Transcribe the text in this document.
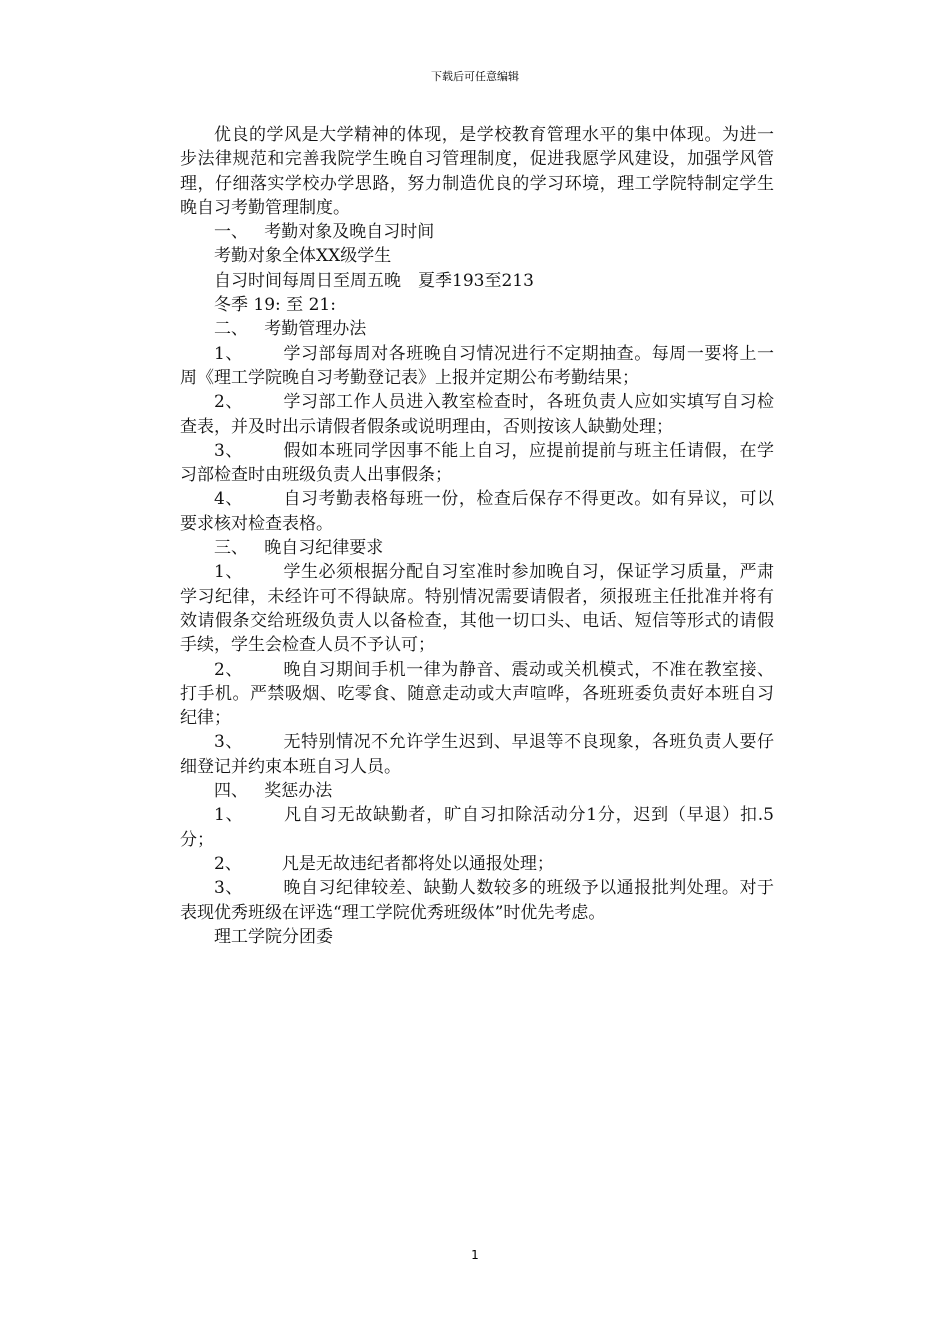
下载后可任意编辑

优良的学风是大学精神的体现，是学校教育管理水平的集中体现。为进一步法律规范和完善我院学生晚自习管理制度，促进我愿学风建设，加强学风管理，仔细落实学校办学思路，努力制造优良的学习环境，理工学院特制定学生晚自习考勤管理制度。

一、 考勤对象及晚自习时间

考勤对象全体XX级学生

自习时间每周日至周五晚　夏季193至213

冬季 19: 至 21:

二、 考勤管理办法

1、 学习部每周对各班晚自习情况进行不定期抽查。每周一要将上一周《理工学院晚自习考勤登记表》上报并定期公布考勤结果；

2、 学习部工作人员进入教室检查时，各班负责人应如实填写自习检查表，并及时出示请假者假条或说明理由，否则按该人缺勤处理；

3、 假如本班同学因事不能上自习，应提前提前与班主任请假，在学习部检查时由班级负责人出事假条；

4、 自习考勤表格每班一份，检查后保存不得更改。如有异议，可以要求核对检查表格。

三、 晚自习纪律要求

1、 学生必须根据分配自习室准时参加晚自习，保证学习质量，严肃学习纪律，未经许可不得缺席。特别情况需要请假者，须报班主任批准并将有效请假条交给班级负责人以备检查，其他一切口头、电话、短信等形式的请假手续，学生会检查人员不予认可；

2、 晚自习期间手机一律为静音、震动或关机模式，不准在教室接、打手机。严禁吸烟、吃零食、随意走动或大声喧哗，各班班委负责好本班自习纪律；

3、 无特别情况不允许学生迟到、早退等不良现象，各班负责人要仔细登记并约束本班自习人员。

四、 奖惩办法

1、 凡自习无故缺勤者，旷自习扣除活动分1分，迟到（早退）扣.5分；

2、 凡是无故违纪者都将处以通报处理；

3、 晚自习纪律较差、缺勤人数较多的班级予以通报批判处理。对于表现优秀班级在评选“理工学院优秀班级体”时优先考虑。

理工学院分团委

1
